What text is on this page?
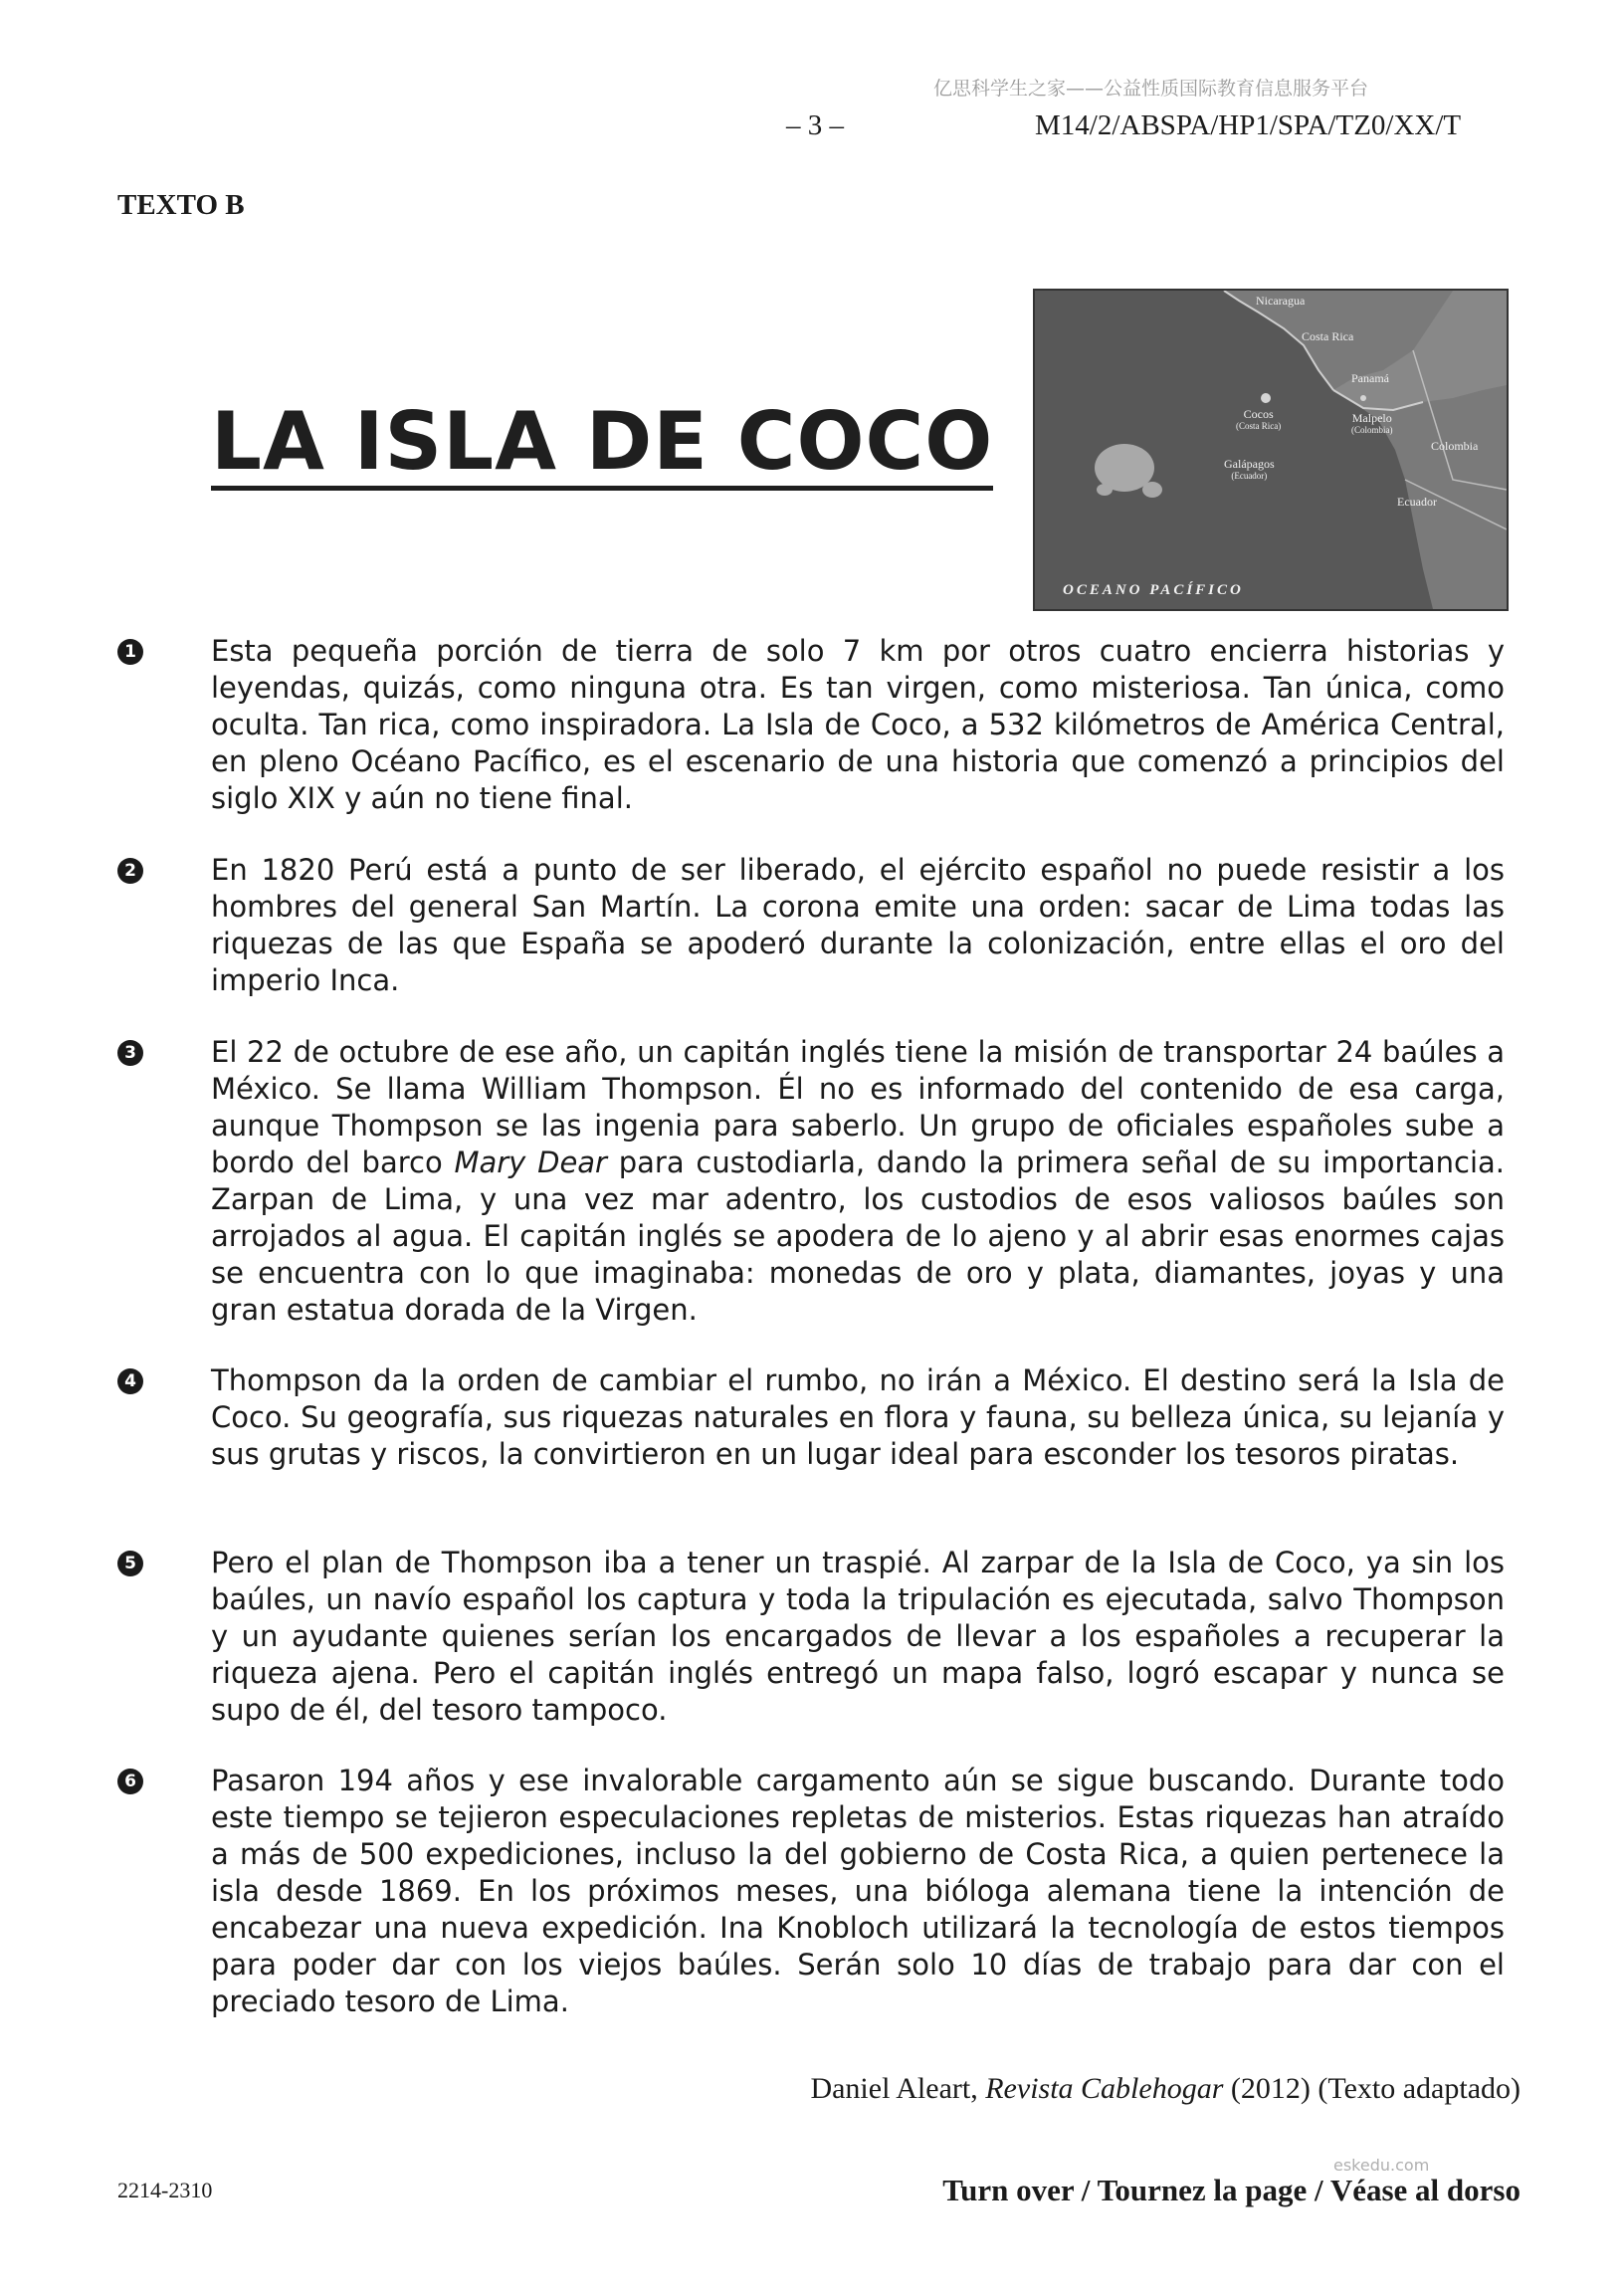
亿思科学生之家——公益性质国际教育信息服务平台
– 3 –	M14/2/ABSPA/HP1/SPA/TZ0/XX/T
TEXTO B
LA ISLA DE COCO
Nicaragua
Costa Rica
Panamá
Cocos
(Costa Rica)
Malpelo
(Colombia)
Galápagos
(Ecuador)
Colombia
Ecuador
OCEANO PACÍFICO
1	Esta pequeña porción de tierra de solo 7 km por otros cuatro encierra historias y leyendas, quizás, como ninguna otra. Es tan virgen, como misteriosa. Tan única, como oculta. Tan rica, como inspiradora. La Isla de Coco, a 532 kilómetros de América Central, en pleno Océano Pacífico, es el escenario de una historia que comenzó a principios del siglo XIX y aún no tiene final.
2	En 1820 Perú está a punto de ser liberado, el ejército español no puede resistir a los hombres del general San Martín. La corona emite una orden: sacar de Lima todas las riquezas de las que España se apoderó durante la colonización, entre ellas el oro del imperio Inca.
3	El 22 de octubre de ese año, un capitán inglés tiene la misión de transportar 24 baúles a México. Se llama William Thompson. Él no es informado del contenido de esa carga, aunque Thompson se las ingenia para saberlo. Un grupo de oficiales españoles sube a bordo del barco Mary Dear para custodiarla, dando la primera señal de su importancia. Zarpan de Lima, y una vez mar adentro, los custodios de esos valiosos baúles son arrojados al agua. El capitán inglés se apodera de lo ajeno y al abrir esas enormes cajas se encuentra con lo que imaginaba: monedas de oro y plata, diamantes, joyas y una gran estatua dorada de la Virgen.
4	Thompson da la orden de cambiar el rumbo, no irán a México. El destino será la Isla de Coco. Su geografía, sus riquezas naturales en flora y fauna, su belleza única, su lejanía y sus grutas y riscos, la convirtieron en un lugar ideal para esconder los tesoros piratas.
5	Pero el plan de Thompson iba a tener un traspié. Al zarpar de la Isla de Coco, ya sin los baúles, un navío español los captura y toda la tripulación es ejecutada, salvo Thompson y un ayudante quienes serían los encargados de llevar a los españoles a recuperar la riqueza ajena. Pero el capitán inglés entregó un mapa falso, logró escapar y nunca se supo de él, del tesoro tampoco.
6	Pasaron 194 años y ese invalorable cargamento aún se sigue buscando. Durante todo este tiempo se tejieron especulaciones repletas de misterios. Estas riquezas han atraído a más de 500 expediciones, incluso la del gobierno de Costa Rica, a quien pertenece la isla desde 1869. En los próximos meses, una bióloga alemana tiene la intención de encabezar una nueva expedición. Ina Knobloch utilizará la tecnología de estos tiempos para poder dar con los viejos baúles. Serán solo 10 días de trabajo para dar con el preciado tesoro de Lima.
Daniel Aleart, Revista Cablehogar (2012) (Texto adaptado)
eskedu.com
2214-2310	Turn over / Tournez la page / Véase al dorso
